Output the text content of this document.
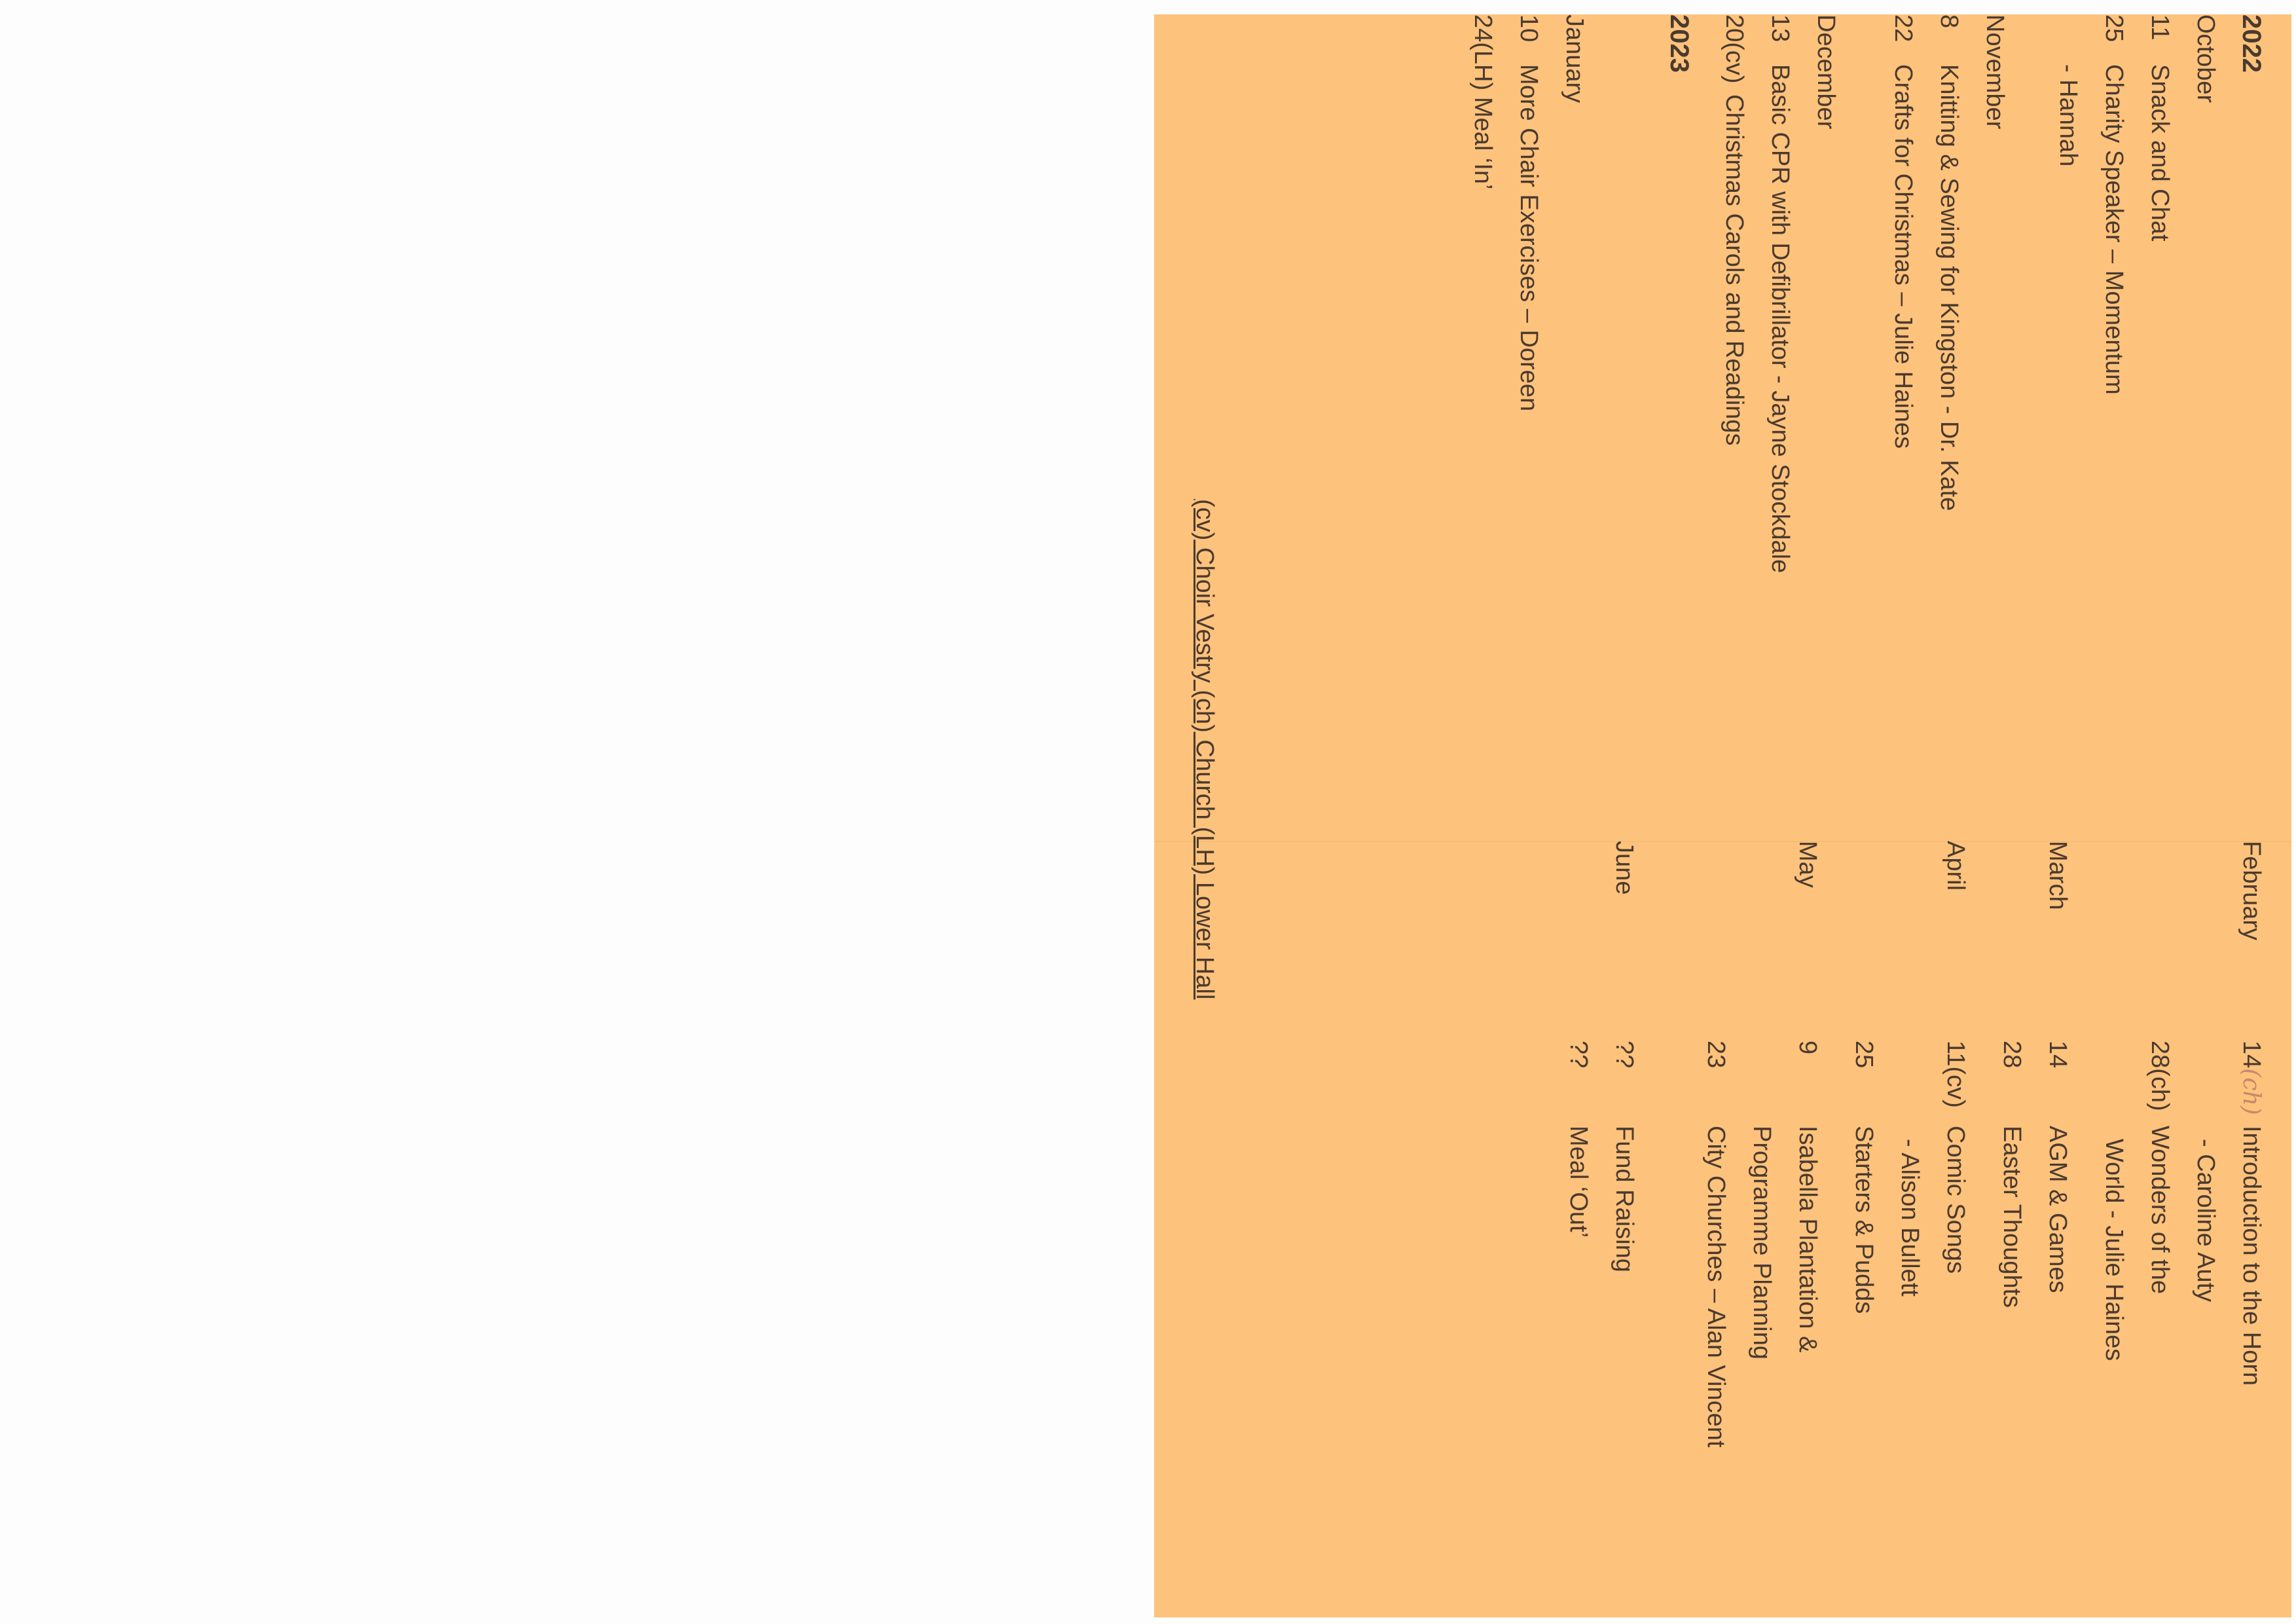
2022
October
11
Snack and Chat
25
Charity Speaker – Momentum
- Hannah
November
8
Knitting & Sewing for Kingston - Dr. Kate
22
Crafts for Christmas – Julie Haines
December
13
Basic CPR with Defibrillator - Jayne Stockdale
20(cv)
Christmas Carols and Readings
2023
January
10
More Chair Exercises – Doreen
24(LH)
Meal ‘In’
February
14(ch)
Introduction to the Horn
- Caroline Auty
28(ch)
Wonders of the
World - Julie Haines
March
14
AGM & Games
28
Easter Thoughts
April
11(cv)
Comic Songs
- Alison Bullett
25
Starters & Pudds
May
9
Isabella Plantation &
Programme Planning
23
City Churches – Alan Vincent
June
??
Fund Raising
??
Meal ‘Out’
(cv) Choir Vestry (ch) Church (LH) Lower Hall
